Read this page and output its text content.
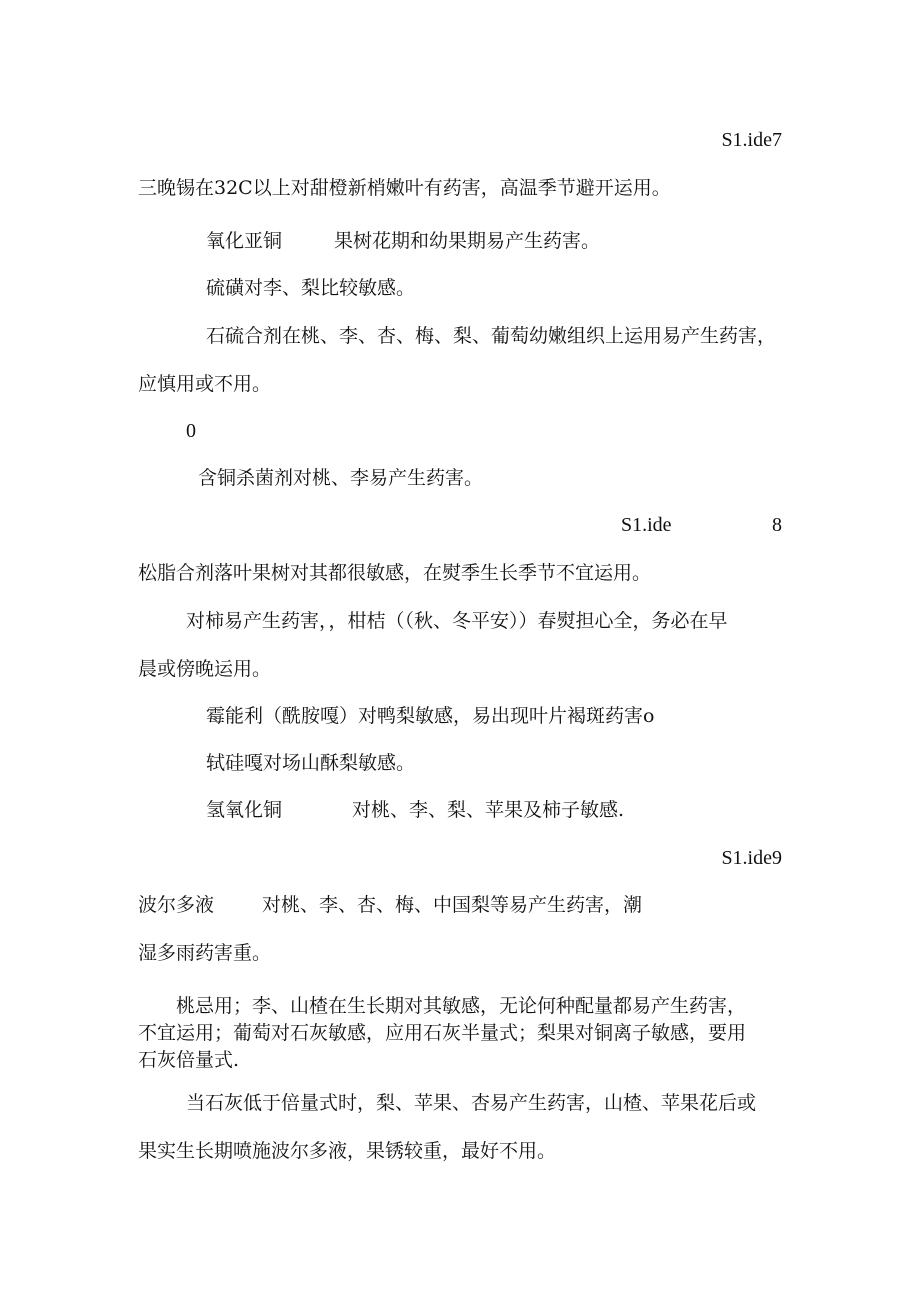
S1.ide7
三晚锡在32C以上对甜橙新梢嫩叶有药害，高温季节避开运用。
氧化亚铜	果树花期和幼果期易产生药害。
硫磺对李、梨比较敏感。
石硫合剂在桃、李、杏、梅、梨、葡萄幼嫩组织上运用易产生药害，
应慎用或不用。
0
含铜杀菌剂对桃、李易产生药害。
S1.ide	8
松脂合剂落叶果树对其都很敏感，在熨季生长季节不宜运用。
对柿易产生药害，，柑桔（（秋、冬平安））春熨担心全，务必在早
晨或傍晚运用。
霉能利（酰胺嘎）对鸭梨敏感，易出现叶片褐斑药害o
轼硅嘎对场山酥梨敏感。
氢氧化铜	对桃、李、梨、苹果及柿子敏感.
S1.ide9
波尔多液	对桃、李、杏、梅、中国梨等易产生药害，潮
湿多雨药害重。
桃忌用；李、山楂在生长期对其敏感，无论何种配量都易产生药害，
不宜运用；葡萄对石灰敏感，应用石灰半量式；梨果对铜离子敏感，要用
石灰倍量式.
当石灰低于倍量式时，梨、苹果、杏易产生药害，山楂、苹果花后或
果实生长期喷施波尔多液，果锈较重，最好不用。
